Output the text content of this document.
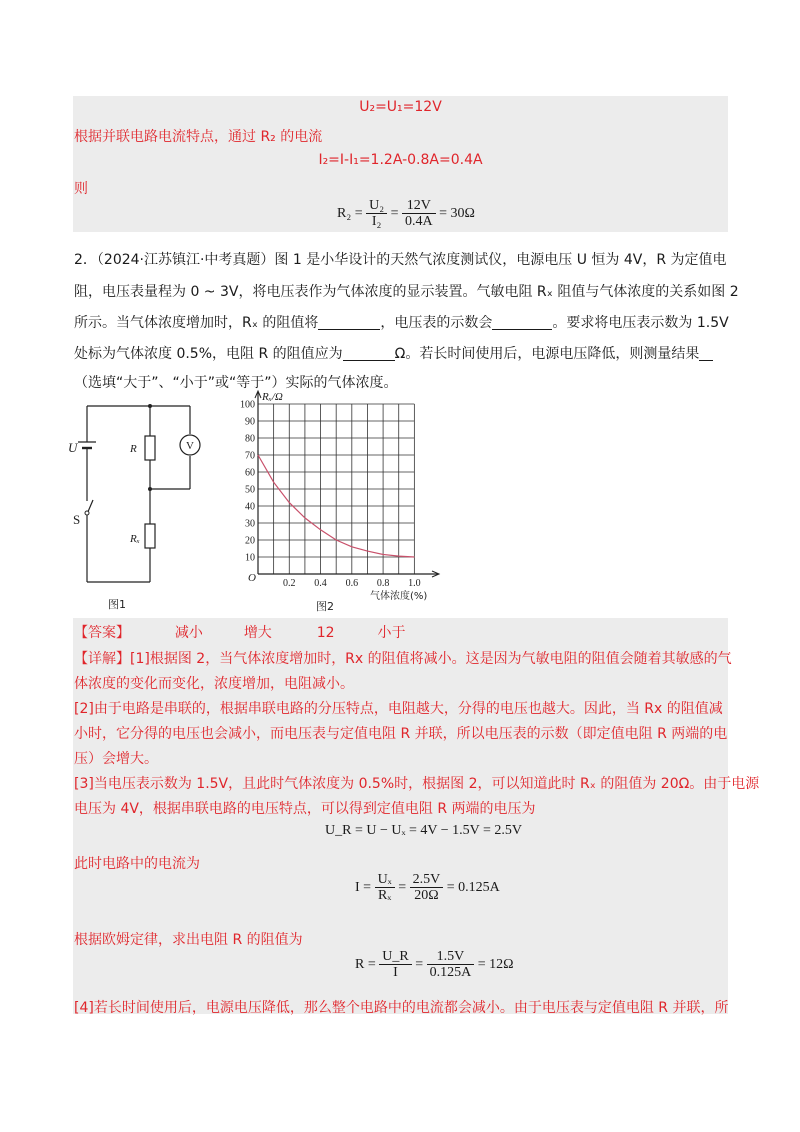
U₂=U₁=12V
根据并联电路电流特点，通过 R₂ 的电流
I₂=I-I₁=1.2A-0.8A=0.4A
则
$R_2 = \frac{\text{U₂}}{\text{I₂}} = \frac{12V}{0.4A} = 30\Omega$
2．（2024·江苏镇江·中考真题）图 1 是小华设计的天然气浓度测试仪，电源电压 U 恒为 4V，R 为定值电
阻，电压表量程为 0 ~ 3V，将电压表作为气体浓度的显示装置。气敏电阻 Rₓ 阻值与气体浓度的关系如图 2
所示。当气体浓度增加时，Rₓ 的阻值将	，电压表的示数会	。要求将电压表示数为 1.5V
处标为气体浓度 0.5%，电阻 R 的阻值应为	Ω。若长时间使用后，电源电压降低，则测量结果
（选填“大于”、“小于”或“等于”）实际的气体浓度。
U	R	V
S
Rₓ
图1
0.2 0.4 0.6 0.8 1.0
10
20
30
40
50
60
70
80
90
100
Rₓ/Ω
气体浓度(%)
O
图2
【答案】	减小	增大	12	小于
【详解】[1]根据图 2，当气体浓度增加时，Rx 的阻值将减小。这是因为气敏电阻的阻值会随着其敏感的气
体浓度的变化而变化，浓度增加，电阻减小。
[2]由于电路是串联的，根据串联电路的分压特点，电阻越大，分得的电压也越大。因此，当 Rx 的阻值减
小时，它分得的电压也会减小，而电压表与定值电阻 R 并联，所以电压表的示数（即定值电阻 R 两端的电
压）会增大。
[3]当电压表示数为 1.5V，且此时气体浓度为 0.5%时，根据图 2，可以知道此时 Rₓ 的阻值为 20Ω。由于电源
电压为 4V，根据串联电路的电压特点，可以得到定值电阻 R 两端的电压为
U_R = U − Uₓ = 4V − 1.5V = 2.5V
此时电路中的电流为
$I = \frac{\text{Uₓ}}{\text{Rₓ}} = \frac{2.5V}{20\Omega} = 0.125A$
根据欧姆定律，求出电阻 R 的阻值为
$R = \frac{U\_R}{I} = \frac{1.5V}{0.125A} = 12\Omega$
[4]若长时间使用后，电源电压降低，那么整个电路中的电流都会减小。由于电压表与定值电阻 R 并联，所
